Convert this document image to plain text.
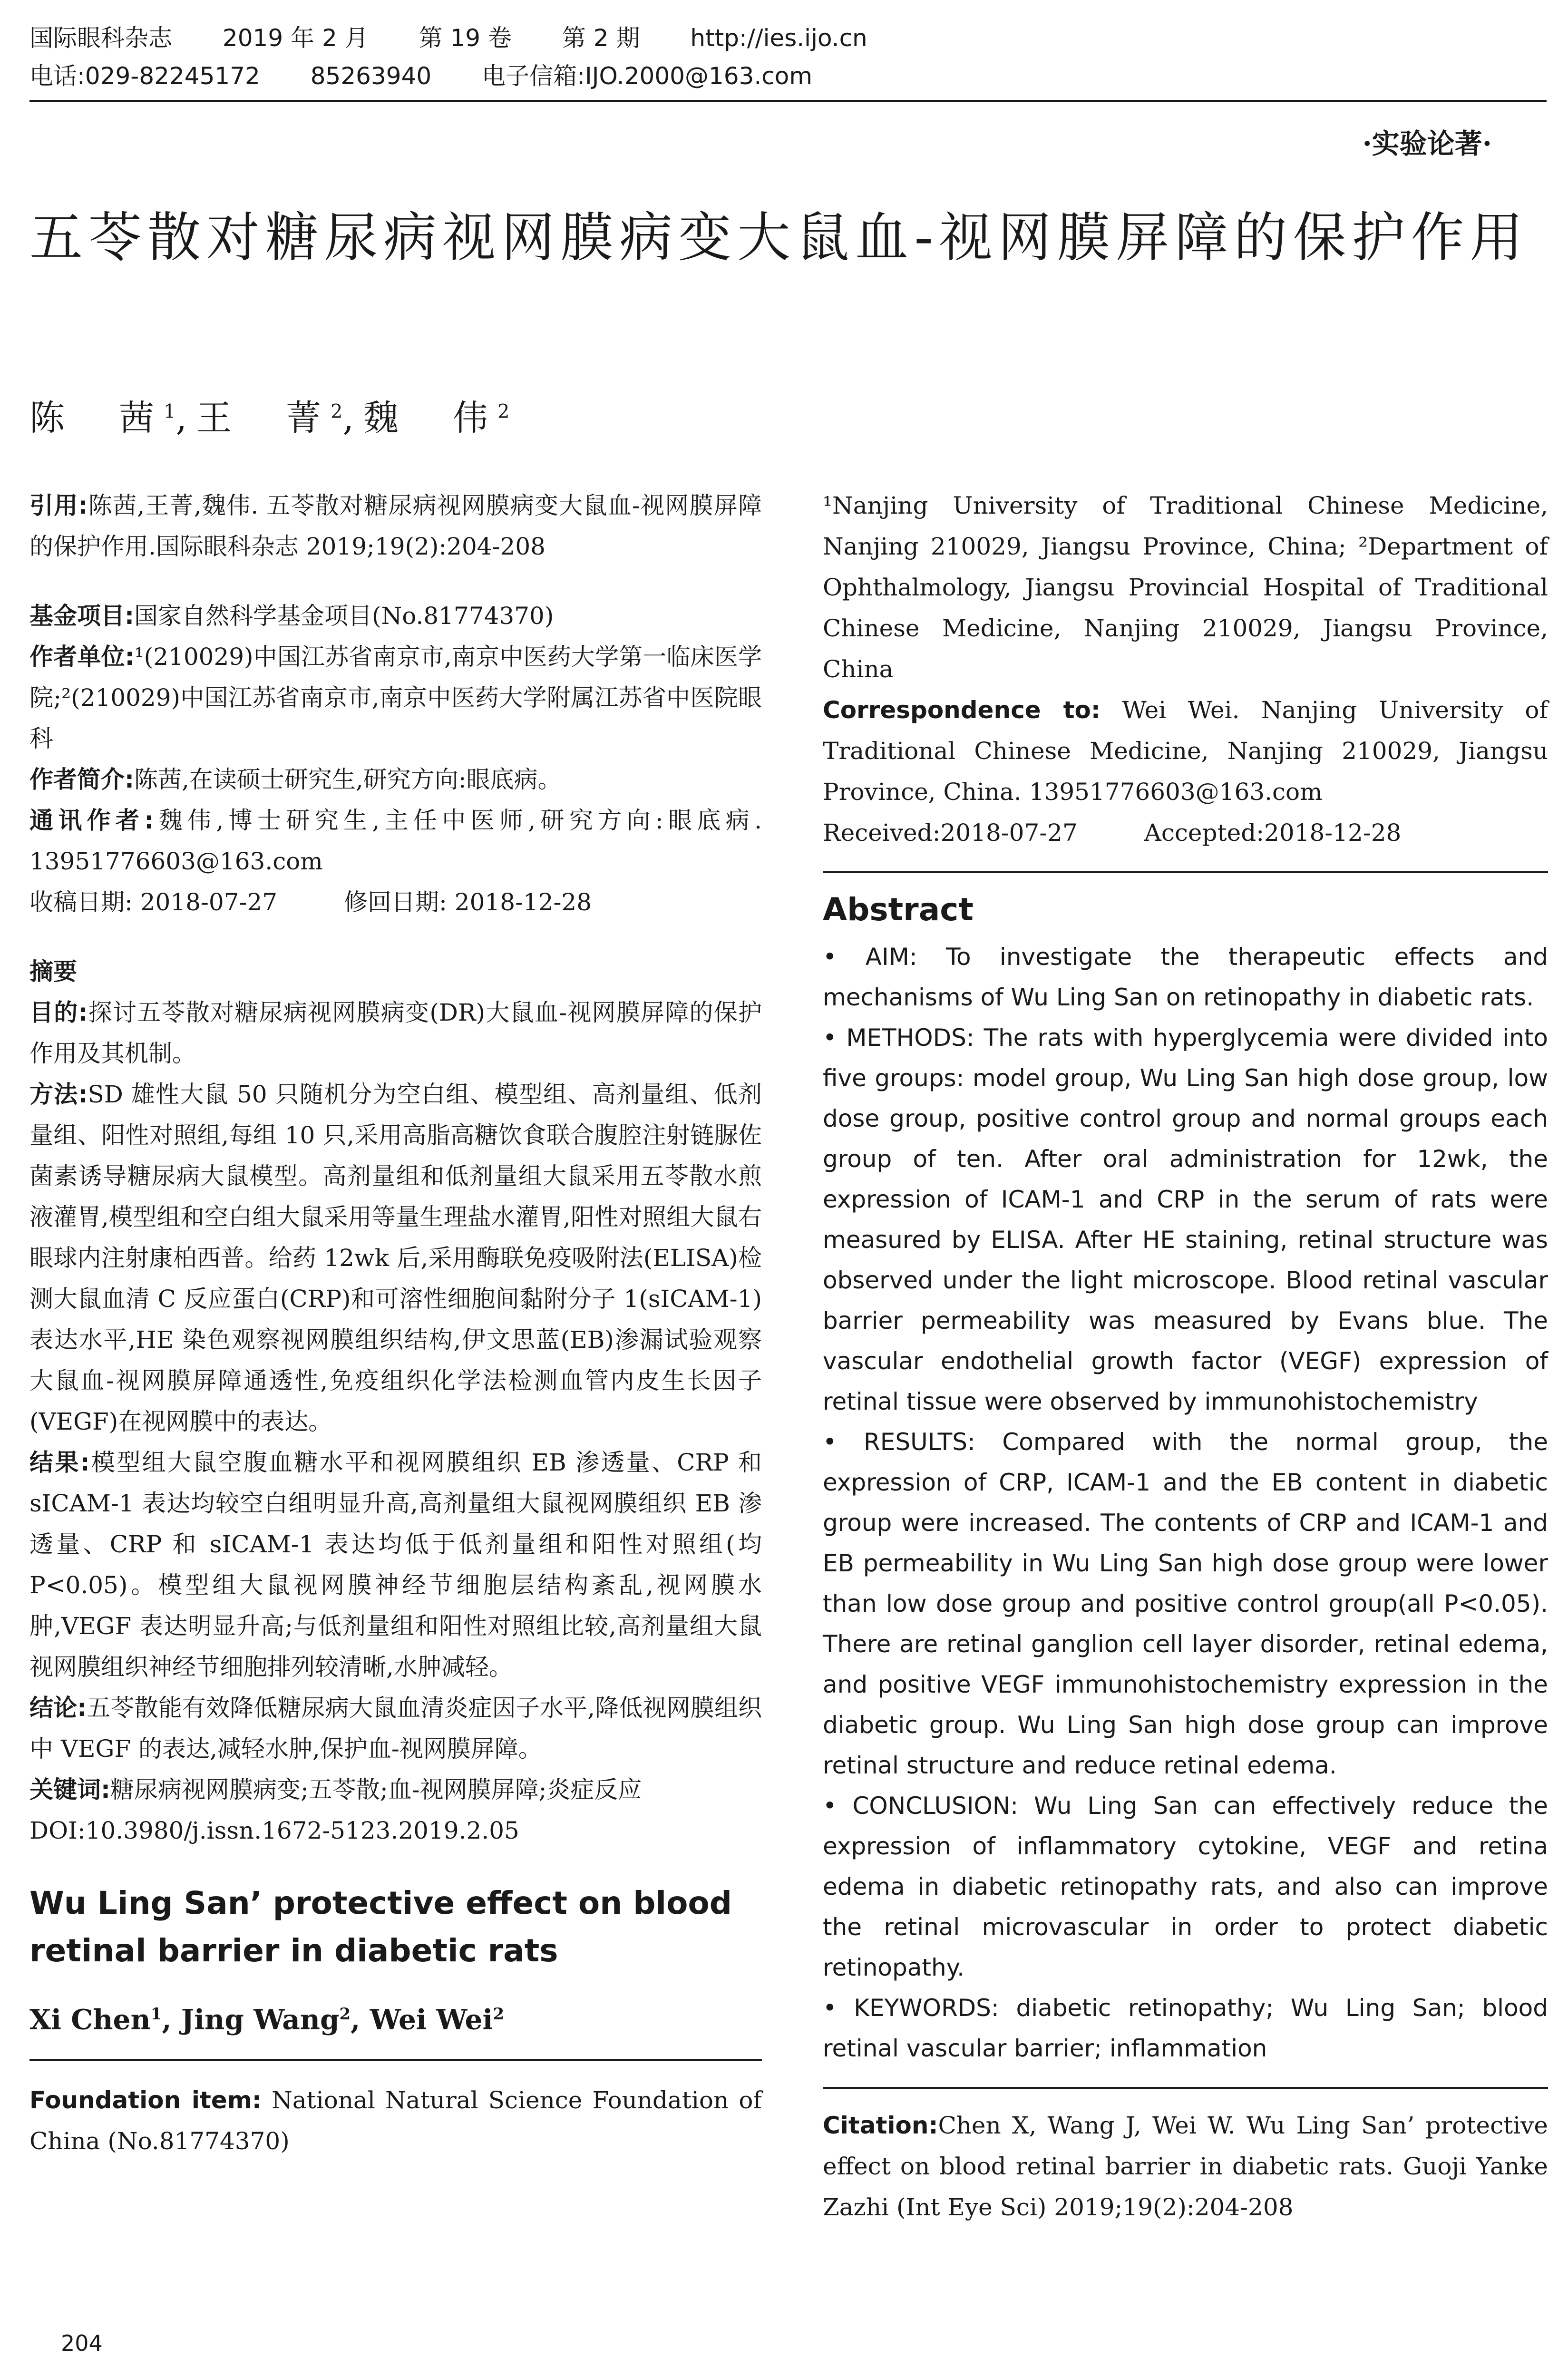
国际眼科杂志 2019 年 2 月 第 19 卷 第 2 期 http://ies.ijo.cn
电话:029-82245172 85263940 电子信箱:IJO.2000@163.com
·实验论著·
五苓散对糖尿病视网膜病变大鼠血-视网膜屏障的保护作用
陈　茜$^1$,王　菁$^2$,魏　伟$^2$

引用:陈茜,王菁,魏伟. 五苓散对糖尿病视网膜病变大鼠血-视网膜屏障的保护作用.国际眼科杂志 2019;19(2):204-208

基金项目:国家自然科学基金项目(No.81774370)

作者单位:¹(210029)中国江苏省南京市,南京中医药大学第一临床医学院;²(210029)中国江苏省南京市,南京中医药大学附属江苏省中医院眼科

作者简介:陈茜,在读硕士研究生,研究方向:眼底病。

通讯作者:魏伟,博士研究生,主任中医师,研究方向:眼底病. 13951776603@163.com

收稿日期: 2018-07-27	修回日期: 2018-12-28

摘要

目的:探讨五苓散对糖尿病视网膜病变(DR)大鼠血-视网膜屏障的保护作用及其机制。

方法:SD 雄性大鼠 50 只随机分为空白组、模型组、高剂量组、低剂量组、阳性对照组,每组 10 只,采用高脂高糖饮食联合腹腔注射链脲佐菌素诱导糖尿病大鼠模型。高剂量组和低剂量组大鼠采用五苓散水煎液灌胃,模型组和空白组大鼠采用等量生理盐水灌胃,阳性对照组大鼠右眼球内注射康柏西普。给药 12wk 后,采用酶联免疫吸附法(ELISA)检测大鼠血清 C 反应蛋白(CRP)和可溶性细胞间黏附分子 1(sICAM-1)表达水平,HE 染色观察视网膜组织结构,伊文思蓝(EB)渗漏试验观察大鼠血-视网膜屏障通透性,免疫组织化学法检测血管内皮生长因子(VEGF)在视网膜中的表达。

结果:模型组大鼠空腹血糖水平和视网膜组织 EB 渗透量、CRP 和 sICAM-1 表达均较空白组明显升高,高剂量组大鼠视网膜组织 EB 渗透量、CRP 和 sICAM-1 表达均低于低剂量组和阳性对照组(均 P<0.05)。模型组大鼠视网膜神经节细胞层结构紊乱,视网膜水肿,VEGF 表达明显升高;与低剂量组和阳性对照组比较,高剂量组大鼠视网膜组织神经节细胞排列较清晰,水肿减轻。

结论:五苓散能有效降低糖尿病大鼠血清炎症因子水平,降低视网膜组织中 VEGF 的表达,减轻水肿,保护血-视网膜屏障。

关键词:糖尿病视网膜病变;五苓散;血-视网膜屏障;炎症反应

DOI:10.3980/j.issn.1672-5123.2019.2.05

Wu Ling San’ protective effect on blood retinal barrier in diabetic rats

Xi Chen$^1$, Jing Wang$^2$, Wei Wei$^2$

Foundation item: National Natural Science Foundation of China (No.81774370)

¹Nanjing University of Traditional Chinese Medicine, Nanjing 210029, Jiangsu Province, China; ²Department of Ophthalmology, Jiangsu Provincial Hospital of Traditional Chinese Medicine, Nanjing 210029, Jiangsu Province, China

Correspondence to: Wei Wei. Nanjing University of Traditional Chinese Medicine, Nanjing 210029, Jiangsu Province, China. 13951776603@163.com

Received:2018-07-27	Accepted:2018-12-28

Abstract

• AIM: To investigate the therapeutic effects and mechanisms of Wu Ling San on retinopathy in diabetic rats.

• METHODS: The rats with hyperglycemia were divided into five groups: model group, Wu Ling San high dose group, low dose group, positive control group and normal groups each group of ten. After oral administration for 12wk, the expression of ICAM-1 and CRP in the serum of rats were measured by ELISA. After HE staining, retinal structure was observed under the light microscope. Blood retinal vascular barrier permeability was measured by Evans blue. The vascular endothelial growth factor (VEGF) expression of retinal tissue were observed by immunohistochemistry

• RESULTS: Compared with the normal group, the expression of CRP, ICAM-1 and the EB content in diabetic group were increased. The contents of CRP and ICAM-1 and EB permeability in Wu Ling San high dose group were lower than low dose group and positive control group(all P<0.05). There are retinal ganglion cell layer disorder, retinal edema, and positive VEGF immunohistochemistry expression in the diabetic group. Wu Ling San high dose group can improve retinal structure and reduce retinal edema.

• CONCLUSION: Wu Ling San can effectively reduce the expression of inflammatory cytokine, VEGF and retina edema in diabetic retinopathy rats, and also can improve the retinal microvascular in order to protect diabetic retinopathy.

• KEYWORDS: diabetic retinopathy; Wu Ling San; blood retinal vascular barrier; inflammation

Citation:Chen X, Wang J, Wei W. Wu Ling San’ protective effect on blood retinal barrier in diabetic rats. Guoji Yanke Zazhi (Int Eye Sci) 2019;19(2):204-208

204
